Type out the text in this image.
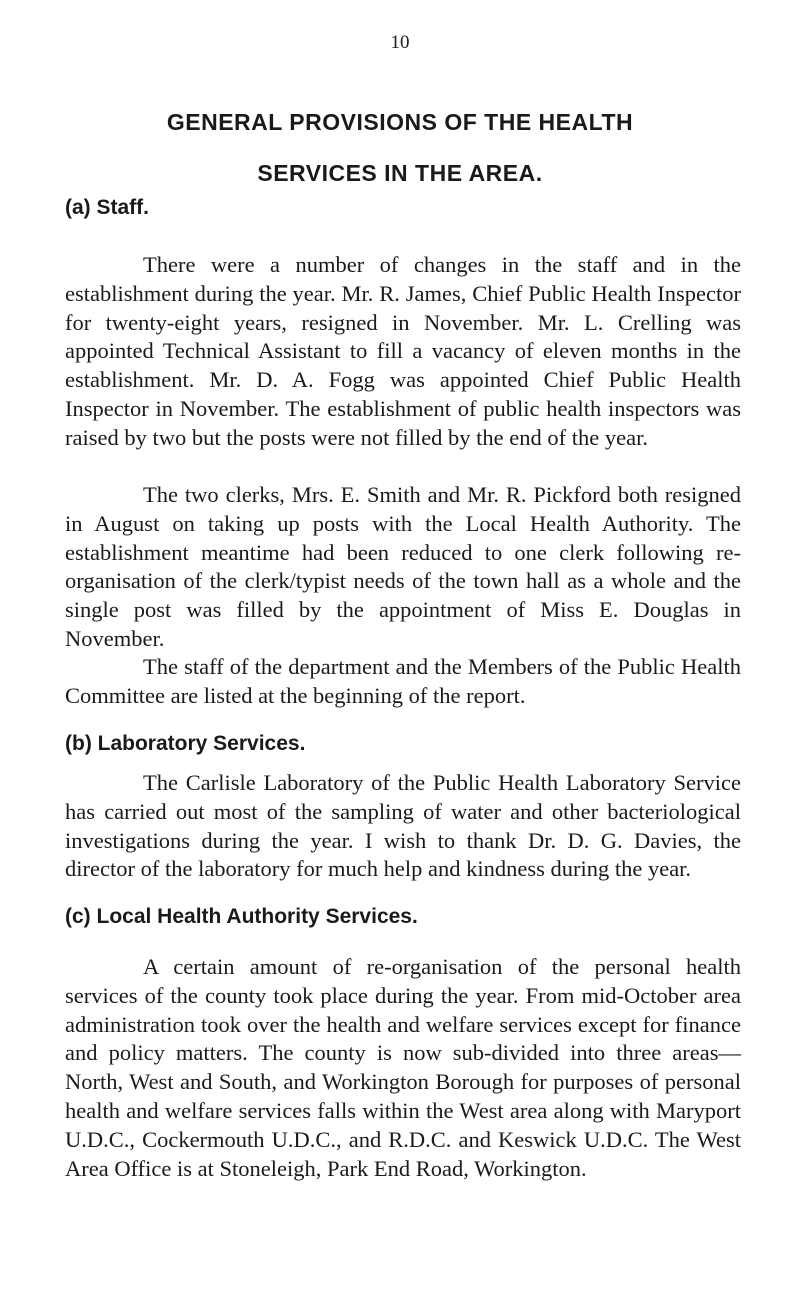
10
GENERAL PROVISIONS OF THE HEALTH
SERVICES IN THE AREA.
(a) Staff.

There were a number of changes in the staff and in the establishment during the year. Mr. R. James, Chief Public Health Inspector for twenty-eight years, resigned in November. Mr. L. Crelling was appointed Technical Assistant to fill a vacancy of eleven months in the establishment. Mr. D. A. Fogg was appointed Chief Public Health Inspector in November. The establishment of public health inspectors was raised by two but the posts were not filled by the end of the year.

The two clerks, Mrs. E. Smith and Mr. R. Pickford both resigned in August on taking up posts with the Local Health Authority. The establishment meantime had been reduced to one clerk following re-organisation of the clerk/typist needs of the town hall as a whole and the single post was filled by the appointment of Miss E. Douglas in November.

The staff of the department and the Members of the Public Health Committee are listed at the beginning of the report.

(b) Laboratory Services.

The Carlisle Laboratory of the Public Health Laboratory Service has carried out most of the sampling of water and other bacteriological investigations during the year. I wish to thank Dr. D. G. Davies, the director of the laboratory for much help and kindness during the year.

(c) Local Health Authority Services.

A certain amount of re-organisation of the personal health services of the county took place during the year. From mid-October area administration took over the health and welfare services except for finance and policy matters. The county is now sub-divided into three areas—North, West and South, and Workington Borough for purposes of personal health and welfare services falls within the West area along with Maryport U.D.C., Cockermouth U.D.C., and R.D.C. and Keswick U.D.C. The West Area Office is at Stoneleigh, Park End Road, Workington.
